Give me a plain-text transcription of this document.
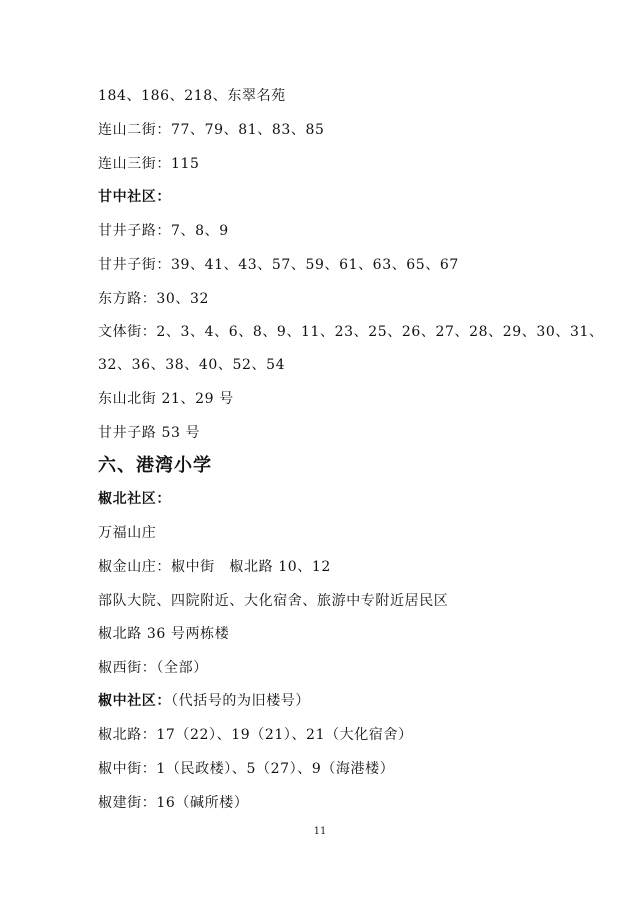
184、186、218、东翠名苑
连山二街：77、79、81、83、85
连山三街：115
甘中社区：
甘井子路：7、8、9
甘井子街：39、41、43、57、59、61、63、65、67
东方路：30、32
文体街：2、3、4、6、8、9、11、23、25、26、27、28、29、30、31、
32、36、38、40、52、54
东山北街 21、29 号
甘井子路 53 号
六、港湾小学
椒北社区：
万福山庄
椒金山庄：椒中街　椒北路 10、12
部队大院、四院附近、大化宿舍、旅游中专附近居民区
椒北路 36 号两栋楼
椒西街：（全部）
椒中社区：（代括号的为旧楼号）
椒北路：17（22）、19（21）、21（大化宿舍）
椒中街：1（民政楼）、5（27）、9（海港楼）
椒建街：16（碱所楼）
11
